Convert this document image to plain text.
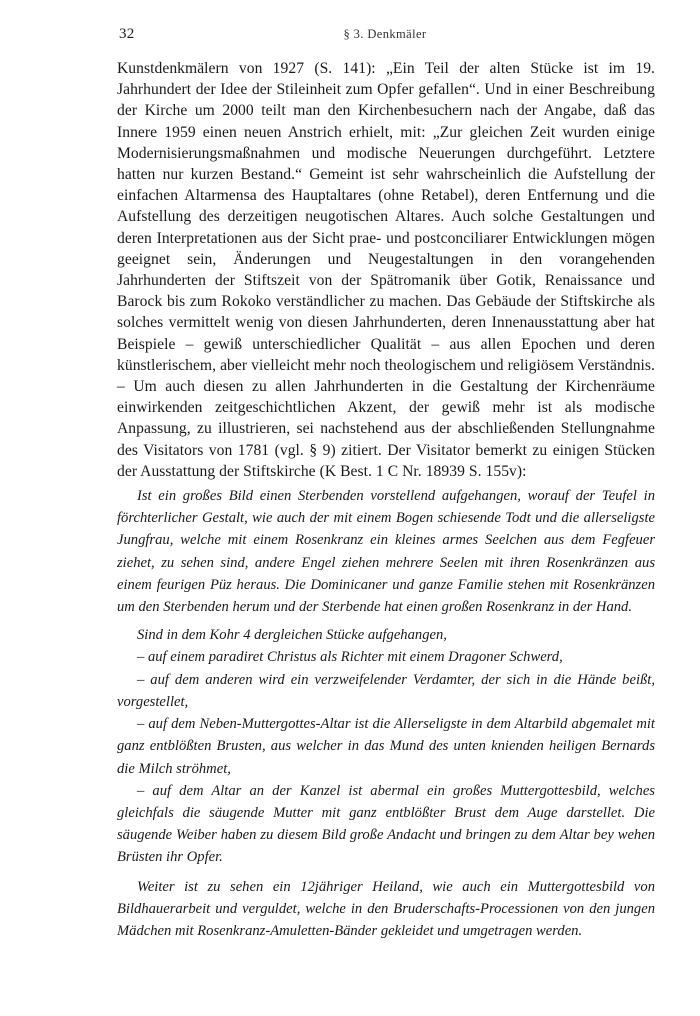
32	§ 3. Denkmäler

Kunstdenkmälern von 1927 (S. 141): „Ein Teil der alten Stücke ist im 19. Jahrhundert der Idee der Stileinheit zum Opfer gefallen“. Und in einer Beschreibung der Kirche um 2000 teilt man den Kirchenbesuchern nach der Angabe, daß das Innere 1959 einen neuen Anstrich erhielt, mit: „Zur gleichen Zeit wurden einige Modernisierungsmaßnahmen und modische Neuerungen durchgeführt. Letztere hatten nur kurzen Bestand.“ Gemeint ist sehr wahrscheinlich die Aufstellung der einfachen Altarmensa des Hauptaltares (ohne Retabel), deren Entfernung und die Aufstellung des derzeitigen neugotischen Altares. Auch solche Gestaltungen und deren Interpretationen aus der Sicht prae- und postconciliarer Entwicklungen mögen geeignet sein, Änderungen und Neugestaltungen in den vorangehenden Jahrhunderten der Stiftszeit von der Spätromanik über Gotik, Renaissance und Barock bis zum Rokoko verständlicher zu machen. Das Gebäude der Stiftskirche als solches vermittelt wenig von diesen Jahrhunderten, deren Innenausstattung aber hat Beispiele – gewiß unterschiedlicher Qualität – aus allen Epochen und deren künstlerischem, aber vielleicht mehr noch theologischem und religiösem Verständnis. – Um auch diesen zu allen Jahrhunderten in die Gestaltung der Kirchenräume einwirkenden zeitgeschichtlichen Akzent, der gewiß mehr ist als modische Anpassung, zu illustrieren, sei nachstehend aus der abschließenden Stellungnahme des Visitators von 1781 (vgl. § 9) zitiert. Der Visitator bemerkt zu einigen Stücken der Ausstattung der Stiftskirche (K Best. 1 C Nr. 18939 S. 155v):

Ist ein großes Bild einen Sterbenden vorstellend aufgehangen, worauf der Teufel in förchterlicher Gestalt, wie auch der mit einem Bogen schiesende Todt und die allerseligste Jungfrau, welche mit einem Rosenkranz ein kleines armes Seelchen aus dem Fegfeuer ziehet, zu sehen sind, andere Engel ziehen mehrere Seelen mit ihren Rosenkränzen aus einem feurigen Püz heraus. Die Dominicaner und ganze Familie stehen mit Rosenkränzen um den Sterbenden herum und der Sterbende hat einen großen Rosenkranz in der Hand.

Sind in dem Kohr 4 dergleichen Stücke aufgehangen,

– auf einem paradiret Christus als Richter mit einem Dragoner Schwerd,

– auf dem anderen wird ein verzweifelender Verdamter, der sich in die Hände beißt, vorgestellet,

– auf dem Neben-Muttergottes-Altar ist die Allerseligste in dem Altarbild abgemalet mit ganz entblößten Brusten, aus welcher in das Mund des unten knienden heiligen Bernards die Milch ströhmet,

– auf dem Altar an der Kanzel ist abermal ein großes Muttergottesbild, welches gleichfals die säugende Mutter mit ganz entblößter Brust dem Auge darstellet. Die säugende Weiber haben zu diesem Bild große Andacht und bringen zu dem Altar bey wehen Brüsten ihr Opfer.

Weiter ist zu sehen ein 12jähriger Heiland, wie auch ein Muttergottesbild von Bildhauerarbeit und verguldet, welche in den Bruderschafts-Processionen von den jungen Mädchen mit Rosenkranz-Amuletten-Bänder gekleidet und umgetragen werden.
